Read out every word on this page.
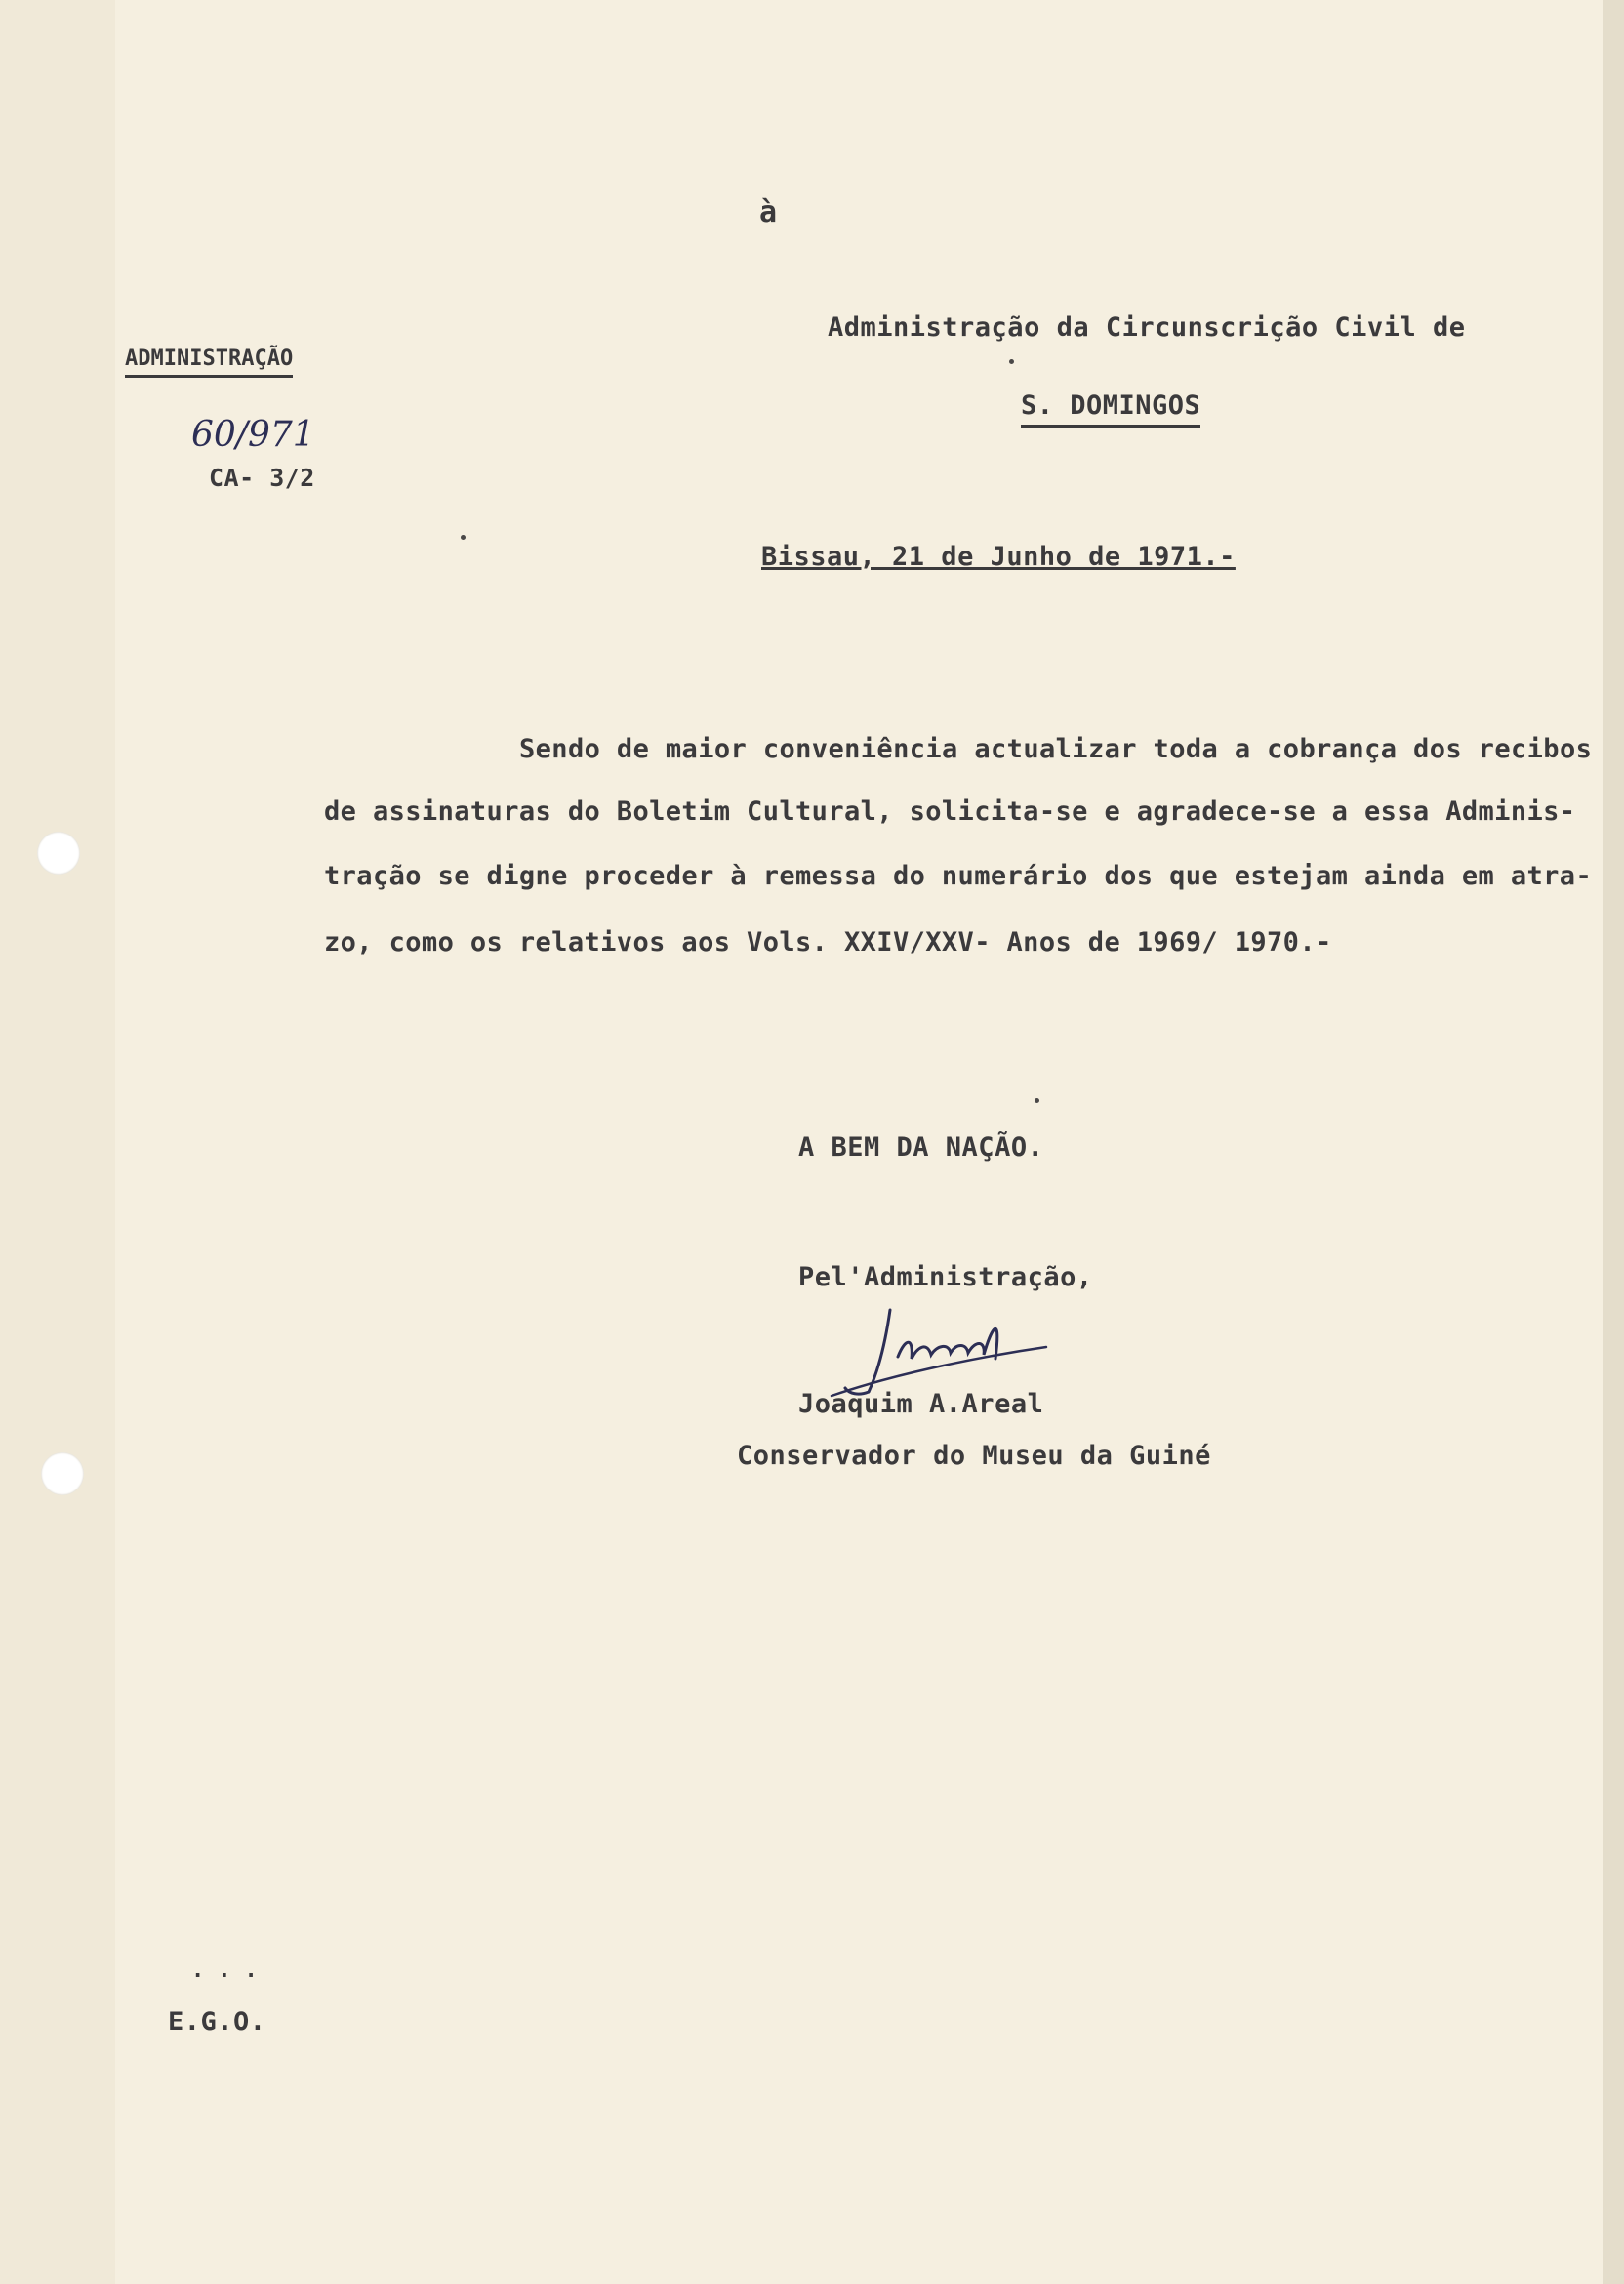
à
ADMINISTRAÇÃO
60/971
CA- 3/2
Administração da Circunscrição Civil de
S. DOMINGOS
Bissau, 21 de Junho de 1971.-
Sendo de maior conveniência actualizar toda a cobrança dos recibos
de assinaturas do Boletim Cultural, solicita-se e agradece-se a essa Adminis-
tração se digne proceder à remessa do numerário dos que estejam ainda em atra-
zo, como os relativos aos Vols. XXIV/XXV- Anos de 1969/ 1970.-
A BEM DA NAÇÃO.
Pel'Administração,
Joaquim A.Areal
Conservador do Museu da Guiné
...
E.G.O.
